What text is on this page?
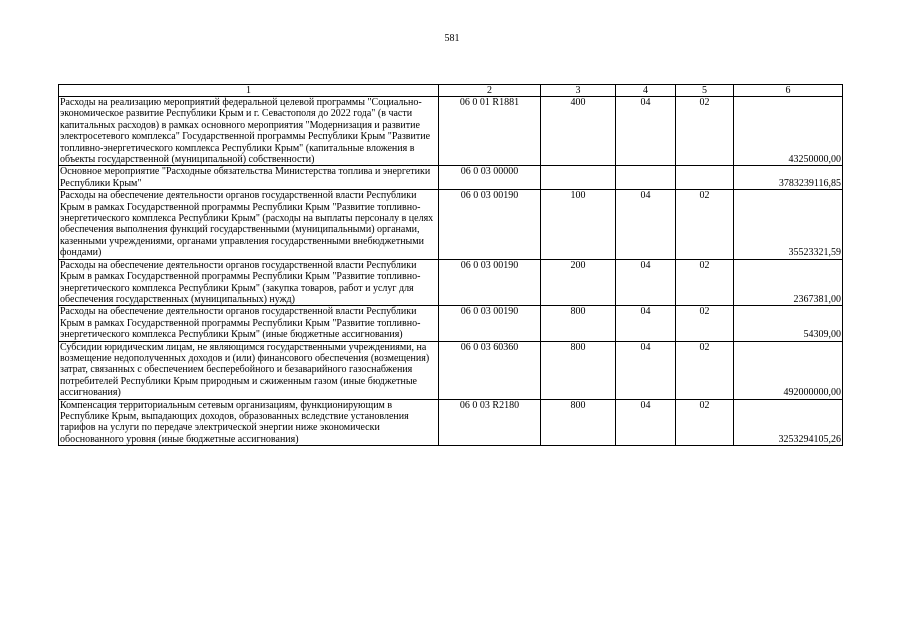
581
1	2	3	4	5	6
Расходы на реализацию мероприятий федеральной целевой программы "Социально-экономическое развитие Республики Крым и г. Севастополя до 2022 года" (в части капитальных расходов) в рамках основного мероприятия "Модернизация и развитие электросетевого комплекса" Государственной программы Республики Крым "Развитие топливно-энергетического комплекса Республики Крым" (капитальные вложения в объекты государственной (муниципальной) собственности)	06 0 01 R1881	400	04	02	43250000,00
Основное мероприятие "Расходные обязательства Министерства топлива и энергетики Республики Крым"	06 0 03 00000				3783239116,85
Расходы на обеспечение деятельности органов государственной власти Республики Крым в рамках Государственной программы Республики Крым "Развитие топливно-энергетического комплекса Республики Крым" (расходы на выплаты персоналу в целях обеспечения выполнения функций государственными (муниципальными) органами, казенными учреждениями, органами управления государственными внебюджетными фондами)	06 0 03 00190	100	04	02	35523321,59
Расходы на обеспечение деятельности органов государственной власти Республики Крым в рамках Государственной программы Республики Крым "Развитие топливно-энергетического комплекса Республики Крым" (закупка товаров, работ и услуг для обеспечения государственных (муниципальных) нужд)	06 0 03 00190	200	04	02	2367381,00
Расходы на обеспечение деятельности органов государственной власти Республики Крым в рамках Государственной программы Республики Крым "Развитие топливно-энергетического комплекса Республики Крым" (иные бюджетные ассигнования)	06 0 03 00190	800	04	02	54309,00
Субсидии юридическим лицам, не являющимся государственными учреждениями, на возмещение недополученных доходов и (или) финансового обеспечения (возмещения) затрат, связанных с обеспечением бесперебойного и безаварийного газоснабжения потребителей Республики Крым природным и сжиженным газом (иные бюджетные ассигнования)	06 0 03 60360	800	04	02	492000000,00
Компенсация территориальным сетевым организациям, функционирующим в Республике Крым, выпадающих доходов, образованных вследствие установления тарифов на услуги по передаче электрической энергии ниже экономически обоснованного уровня (иные бюджетные ассигнования)	06 0 03 R2180	800	04	02	3253294105,26
